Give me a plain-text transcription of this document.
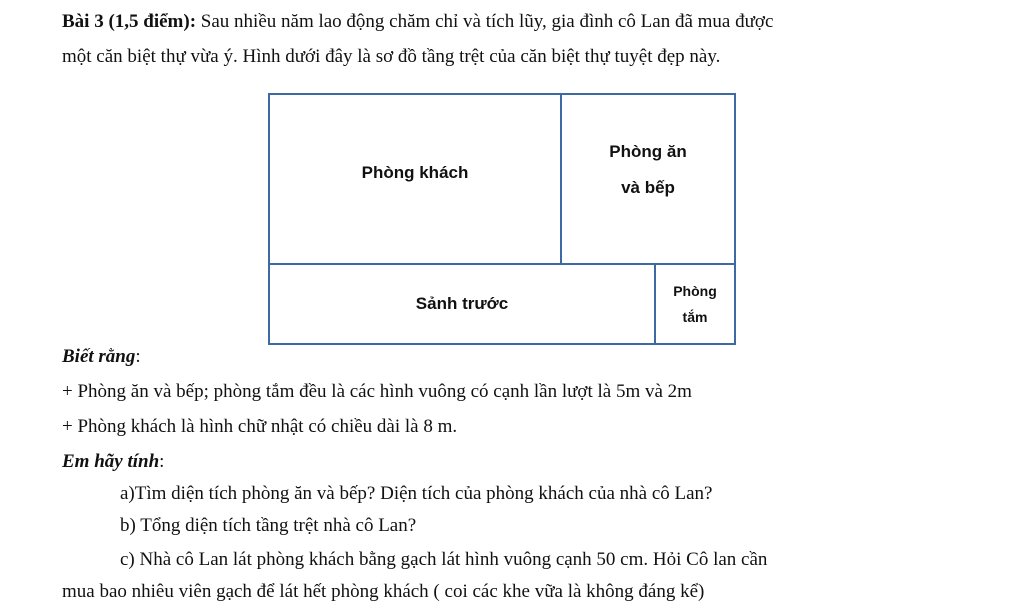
Bài 3 (1,5 điểm): Sau nhiều năm lao động chăm chỉ và tích lũy, gia đình cô Lan đã mua được
một căn biệt thự vừa ý. Hình dưới đây là sơ đồ tầng trệt của căn biệt thự tuyệt đẹp này.
Phòng khách
Phòng ăn
và bếp
Sảnh trước
Phòng
tắm
Biết rằng:
+ Phòng ăn và bếp; phòng tắm đều là các hình vuông có cạnh lần lượt là 5m và 2m
+ Phòng khách là hình chữ nhật có chiều dài là 8 m.
Em hãy tính:
a)Tìm diện tích phòng ăn và bếp? Diện tích của phòng khách của nhà cô Lan?
b) Tổng diện tích tầng trệt nhà cô Lan?
c) Nhà cô Lan lát phòng khách bằng gạch lát hình vuông cạnh 50 cm. Hỏi Cô lan cần
mua bao nhiêu viên gạch để lát hết phòng khách ( coi các khe vữa là không đáng kể)
